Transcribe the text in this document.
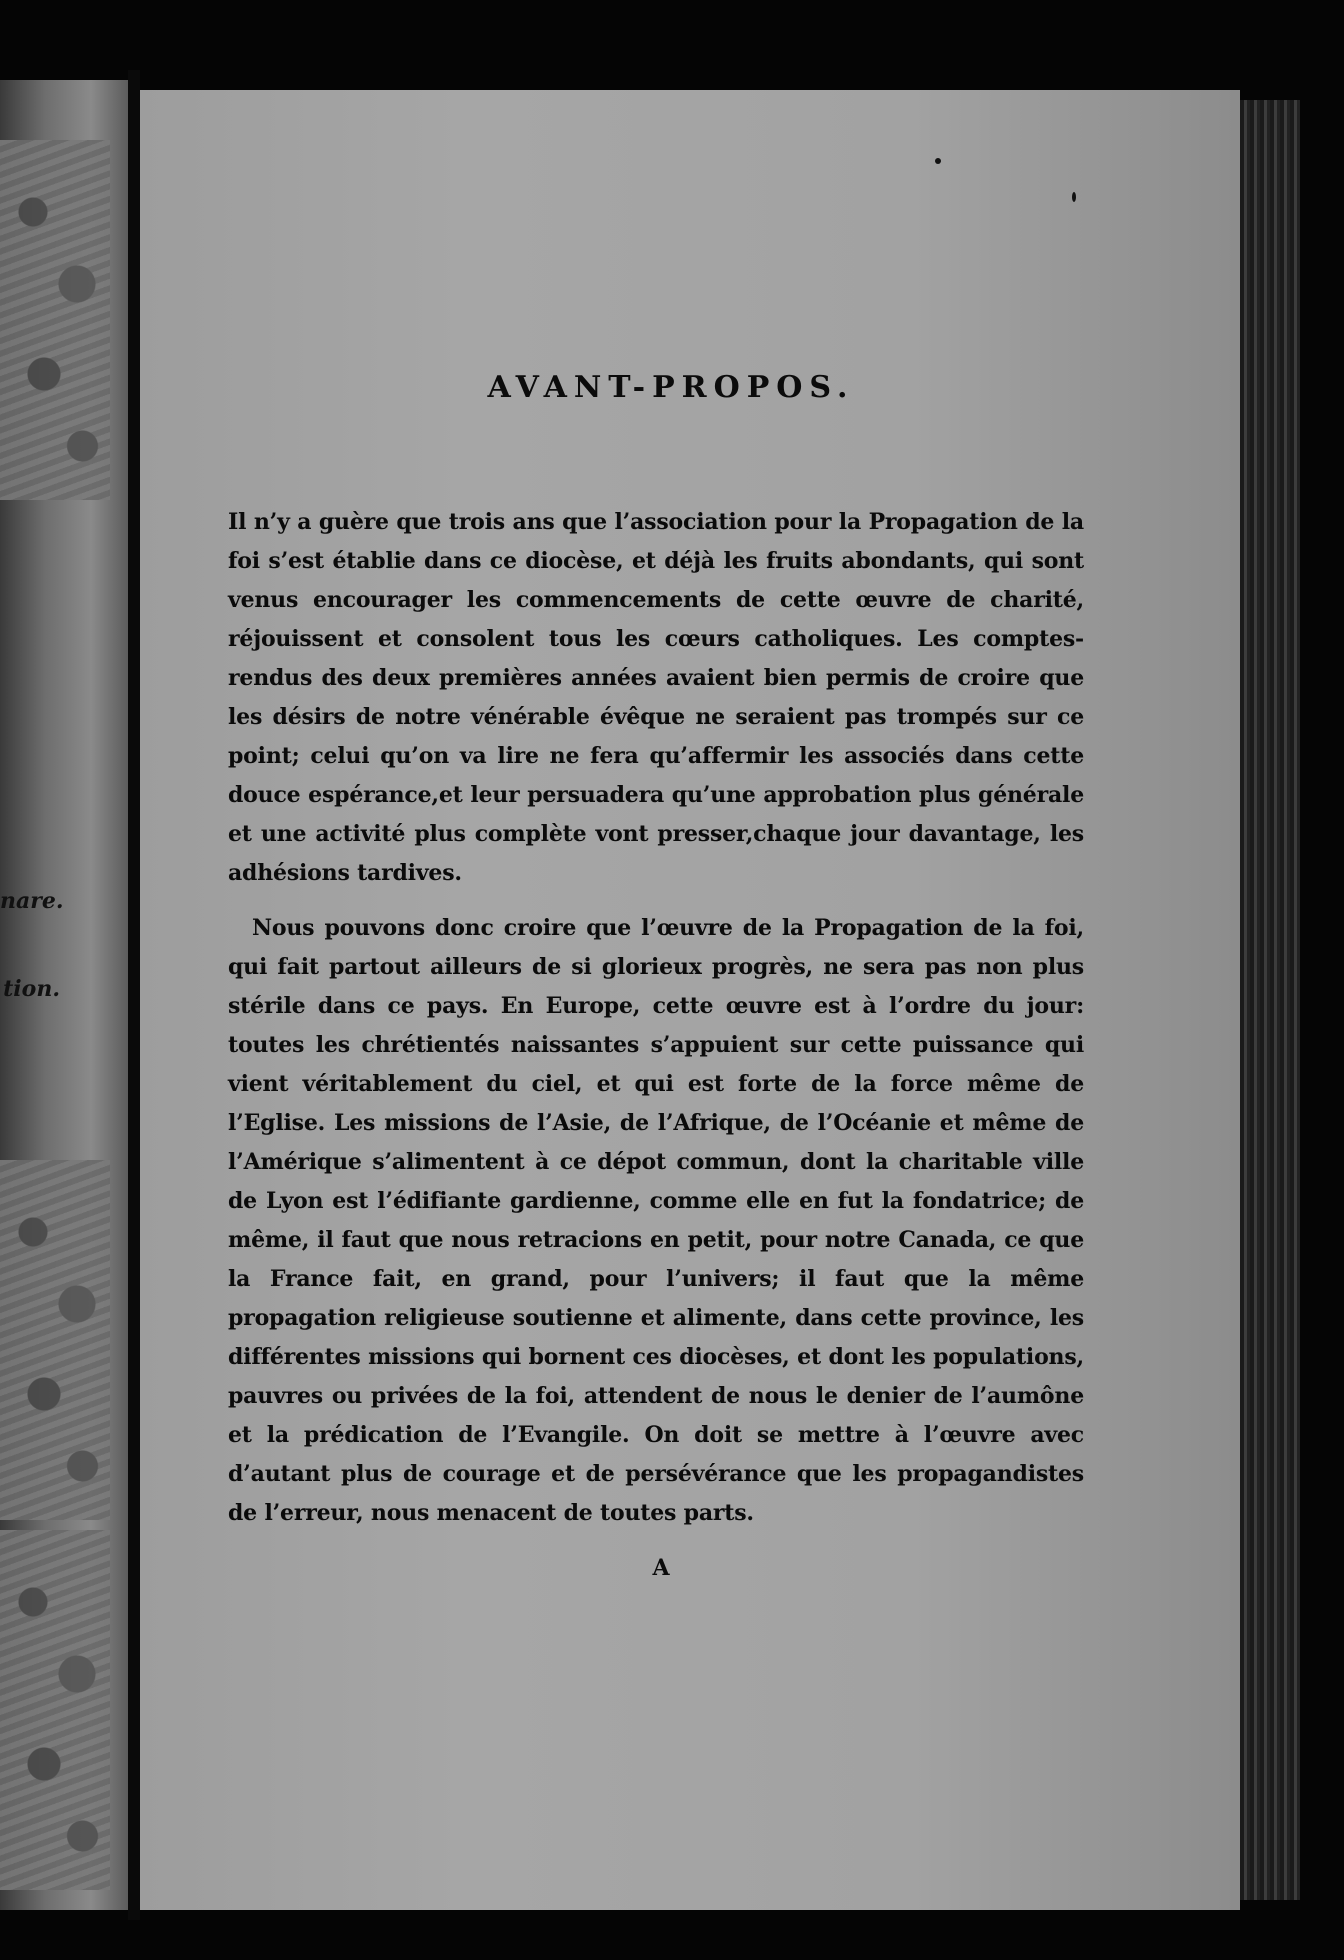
nare.
tion.
AVANT-PROPOS.

Il n’y a guère que trois ans que l’association pour la Propagation de la foi s’est établie dans ce diocèse, et déjà les fruits abondants, qui sont venus encourager les commencements de cette œuvre de charité, réjouissent et consolent tous les cœurs catholiques. Les comptes-rendus des deux premières années avaient bien permis de croire que les désirs de notre vénérable évêque ne seraient pas trompés sur ce point; celui qu’on va lire ne fera qu’affermir les associés dans cette douce espérance,et leur persuadera qu’une approbation plus générale et une activité plus complète vont presser,chaque jour davantage, les adhésions tardives.

Nous pouvons donc croire que l’œuvre de la Propagation de la foi, qui fait partout ailleurs de si glorieux progrès, ne sera pas non plus stérile dans ce pays. En Europe, cette œuvre est à l’ordre du jour: toutes les chrétientés naissantes s’appuient sur cette puissance qui vient véritablement du ciel, et qui est forte de la force même de l’Eglise. Les missions de l’Asie, de l’Afrique, de l’Océanie et même de l’Amérique s’alimentent à ce dépot commun, dont la charitable ville de Lyon est l’édifiante gardienne, comme elle en fut la fondatrice; de même, il faut que nous retracions en petit, pour notre Canada, ce que la France fait, en grand, pour l’univers; il faut que la même propagation religieuse soutienne et alimente, dans cette province, les différentes missions qui bornent ces diocèses, et dont les populations, pauvres ou privées de la foi, attendent de nous le denier de l’aumône et la prédication de l’Evangile. On doit se mettre à l’œuvre avec d’autant plus de courage et de persévérance que les propagandistes de l’erreur, nous menacent de toutes parts.

A
